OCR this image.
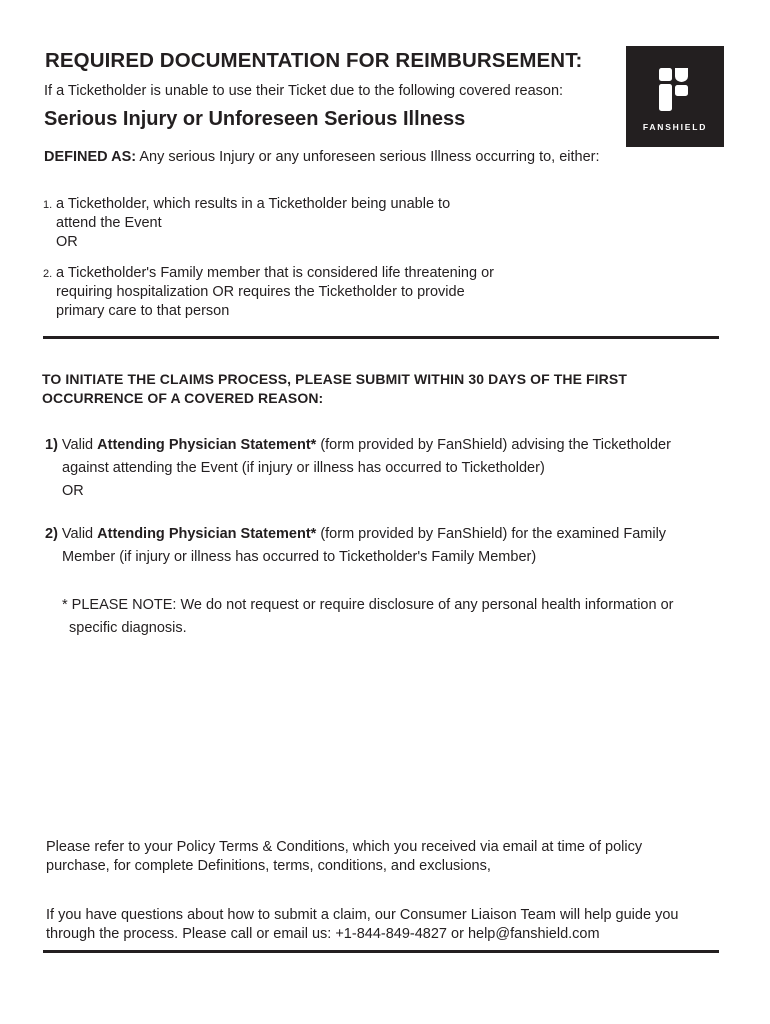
REQUIRED DOCUMENTATION FOR REIMBURSEMENT:
If a Ticketholder is unable to use their Ticket due to the following covered reason:
Serious Injury or Unforeseen Serious Illness	FANSHIELD
DEFINED AS: Any serious Injury or any unforeseen serious Illness occurring to, either:
1. a Ticketholder, which results in a Ticketholder being unable to
attend the Event
OR
2. a Ticketholder's Family member that is considered life threatening or
requiring hospitalization OR requires the Ticketholder to provide
primary care to that person
TO INITIATE THE CLAIMS PROCESS, PLEASE SUBMIT WITHIN 30 DAYS OF THE FIRST OCCURRENCE OF A COVERED REASON:
1) Valid Attending Physician Statement* (form provided by FanShield) advising the Ticketholder
against attending the Event (if injury or illness has occurred to Ticketholder)
OR
2) Valid Attending Physician Statement* (form provided by FanShield) for the examined Family
Member (if injury or illness has occurred to Ticketholder's Family Member)
* PLEASE NOTE: We do not request or require disclosure of any personal health information or
specific diagnosis.
Please refer to your Policy Terms & Conditions, which you received via email at time of policy purchase, for complete Definitions, terms, conditions, and exclusions,
If you have questions about how to submit a claim, our Consumer Liaison Team will help guide you through the process. Please call or email us: +1-844-849-4827 or help@fanshield.com
